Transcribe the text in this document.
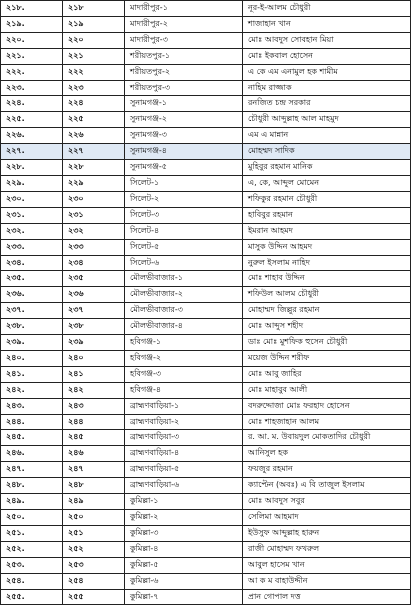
২১৮.	২১৮	মাদারীপুর-১	নূর-ই-আলম চৌধুরী
২১৯.	২১৯	মাদারীপুর-২	শাজাহান খান
২২০.	২২০	মাদারীপুর-৩	মোঃ আবদুস সোবহান মিয়া
২২১.	২২১	শরীয়তপুর-১	মোঃ ইকবাল হোসেন
২২২.	২২২	শরীয়তপুর-২	এ কে এম এনামুল হক শামীম
২২৩.	২২৩	শরীয়তপুর-৩	নাহিম রাজ্জাক
২২৪.	২২৪	সুনামগঞ্জ-১	রনজিত চন্দ্র সরকার
২২৫.	২২৫	সুনামগঞ্জ-২	চৌধুরী আব্দুল্লাহ আল মাহমুদ
২২৬.	২২৬	সুনামগঞ্জ-৩	এম এ মান্নান
২২৭.	২২৭	সুনামগঞ্জ-৪	মোহম্মদ সাদিক
২২৮.	২২৮	সুনামগঞ্জ-৫	মুহিবুর রহমান মানিক
২২৯.	২২৯	সিলেট-১	এ, কে, আব্দুল মোমেন
২৩০.	২৩০	সিলেট-২	শফিকুর রহমান চৌধুরী
২৩১.	২৩১	সিলেট-৩	হাবিবুর রহমান
২৩২.	২৩২	সিলেট-৪	ইমরান আহমদ
২৩৩.	২৩৩	সিলেট-৫	মাসুক উদ্দিন আহমদ
২৩৪.	২৩৪	সিলেট-৬	নুরুল ইসলাম নাহিদ
২৩৫.	২৩৫	মৌলভীবাজার-১	মোঃ শাহাব উদ্দিন
২৩৬.	২৩৬	মৌলভীবাজার-২	শফিউল আলম চৌধুরী
২৩৭.	২৩৭	মৌলভীবাজার-৩	মোহাম্মদ জিল্লুর রহমান
২৩৮.	২৩৮	মৌলভীবাজার-৪	মোঃ আব্দুস শহীদ
২৩৯.	২৩৯	হবিগঞ্জ-১	ডাঃ মোঃ মুশফিক হুসেন চৌধুরী
২৪০.	২৪০	হবিগঞ্জ-২	ময়েজ উদ্দিন শরীফ
২৪১.	২৪১	হবিগঞ্জ-৩	মোঃ আবু জাহির
২৪২.	২৪২	হবিগঞ্জ-৪	মোঃ মাহাবুব আলী
২৪৩.	২৪৩	ব্রাহ্মণবাড়িয়া-১	বদরুদ্দোজা মোঃ ফরহাদ হোসেন
২৪৪.	২৪৪	ব্রাহ্মণবাড়িয়া-২	মোঃ শাহজাহান আলম
২৪৫.	২৪৫	ব্রাহ্মণবাড়িয়া-৩	র. আ. ম. উবায়দুল মোকতাদির চৌধুরী
২৪৬.	২৪৬	ব্রাহ্মণবাড়িয়া-৪	আনিসুল হক
২৪৭.	২৪৭	ব্রাহ্মণবাড়িয়া-৫	ফয়জুর রহমান
২৪৮.	২৪৮	ব্রাহ্মণবাড়িয়া-৬	ক্যাপ্টেন (অবঃ) এ বি তাজুল ইসলাম
২৪৯.	২৪৯	কুমিল্লা-১	মোঃ আবদুস সবুর
২৫০.	২৫০	কুমিল্লা-২	সেলিমা আহমাদ
২৫১.	২৫১	কুমিল্লা-৩	ইউসুফ আব্দুল্লাহ হারুন
২৫২.	২৫২	কুমিল্লা-৪	রাজী মোহাম্মদ ফখরুল
২৫৩.	২৫৩	কুমিল্লা-৫	আবুল হাসেম খান
২৫৪.	২৫৪	কুমিল্লা-৬	আ ক ম বাহাউদ্দীন
২৫৫.	২৫৫	কুমিল্লা-৭	প্রান গোপাল দত্ত
